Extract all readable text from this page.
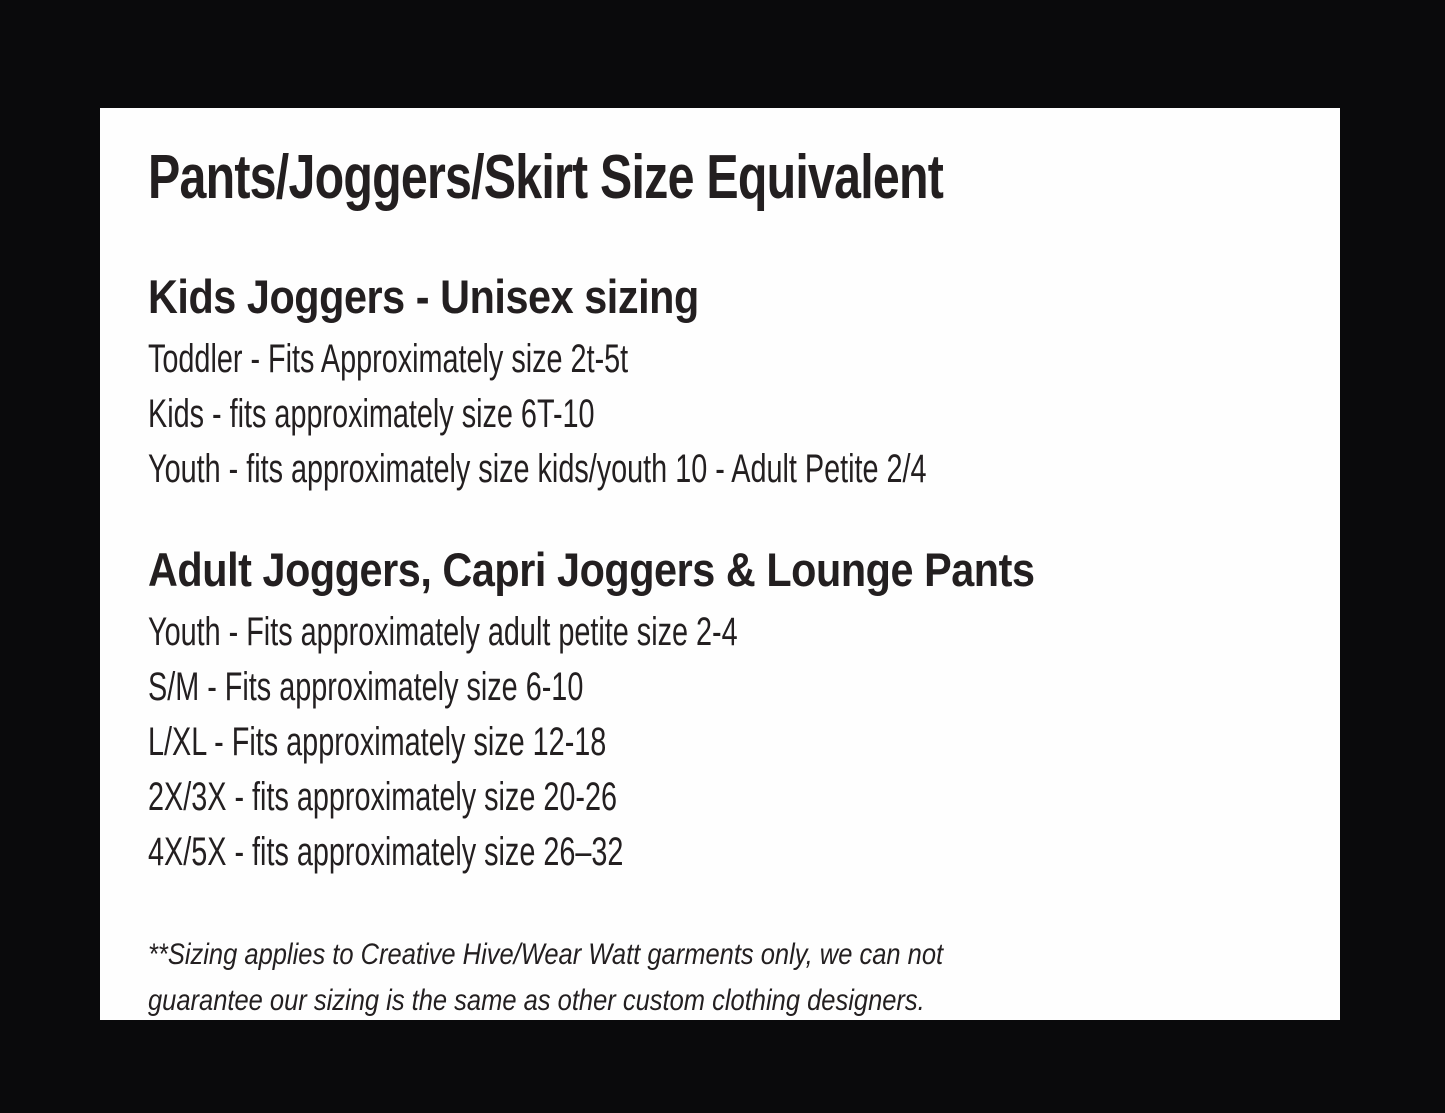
Pants/Joggers/Skirt Size Equivalent
Kids Joggers - Unisex sizing

Toddler - Fits Approximately size 2t-5t

Kids - fits approximately size 6T-10

Youth - fits approximately size kids/youth 10 - Adult Petite 2/4

Adult Joggers, Capri Joggers & Lounge Pants

Youth - Fits approximately adult petite size 2-4

S/M - Fits approximately size 6-10

L/XL - Fits approximately size 12-18

2X/3X - fits approximately size 20-26

4X/5X - fits approximately size 26–32

**Sizing applies to Creative Hive/Wear Watt garments only, we can not
guarantee our sizing is the same as other custom clothing designers.
